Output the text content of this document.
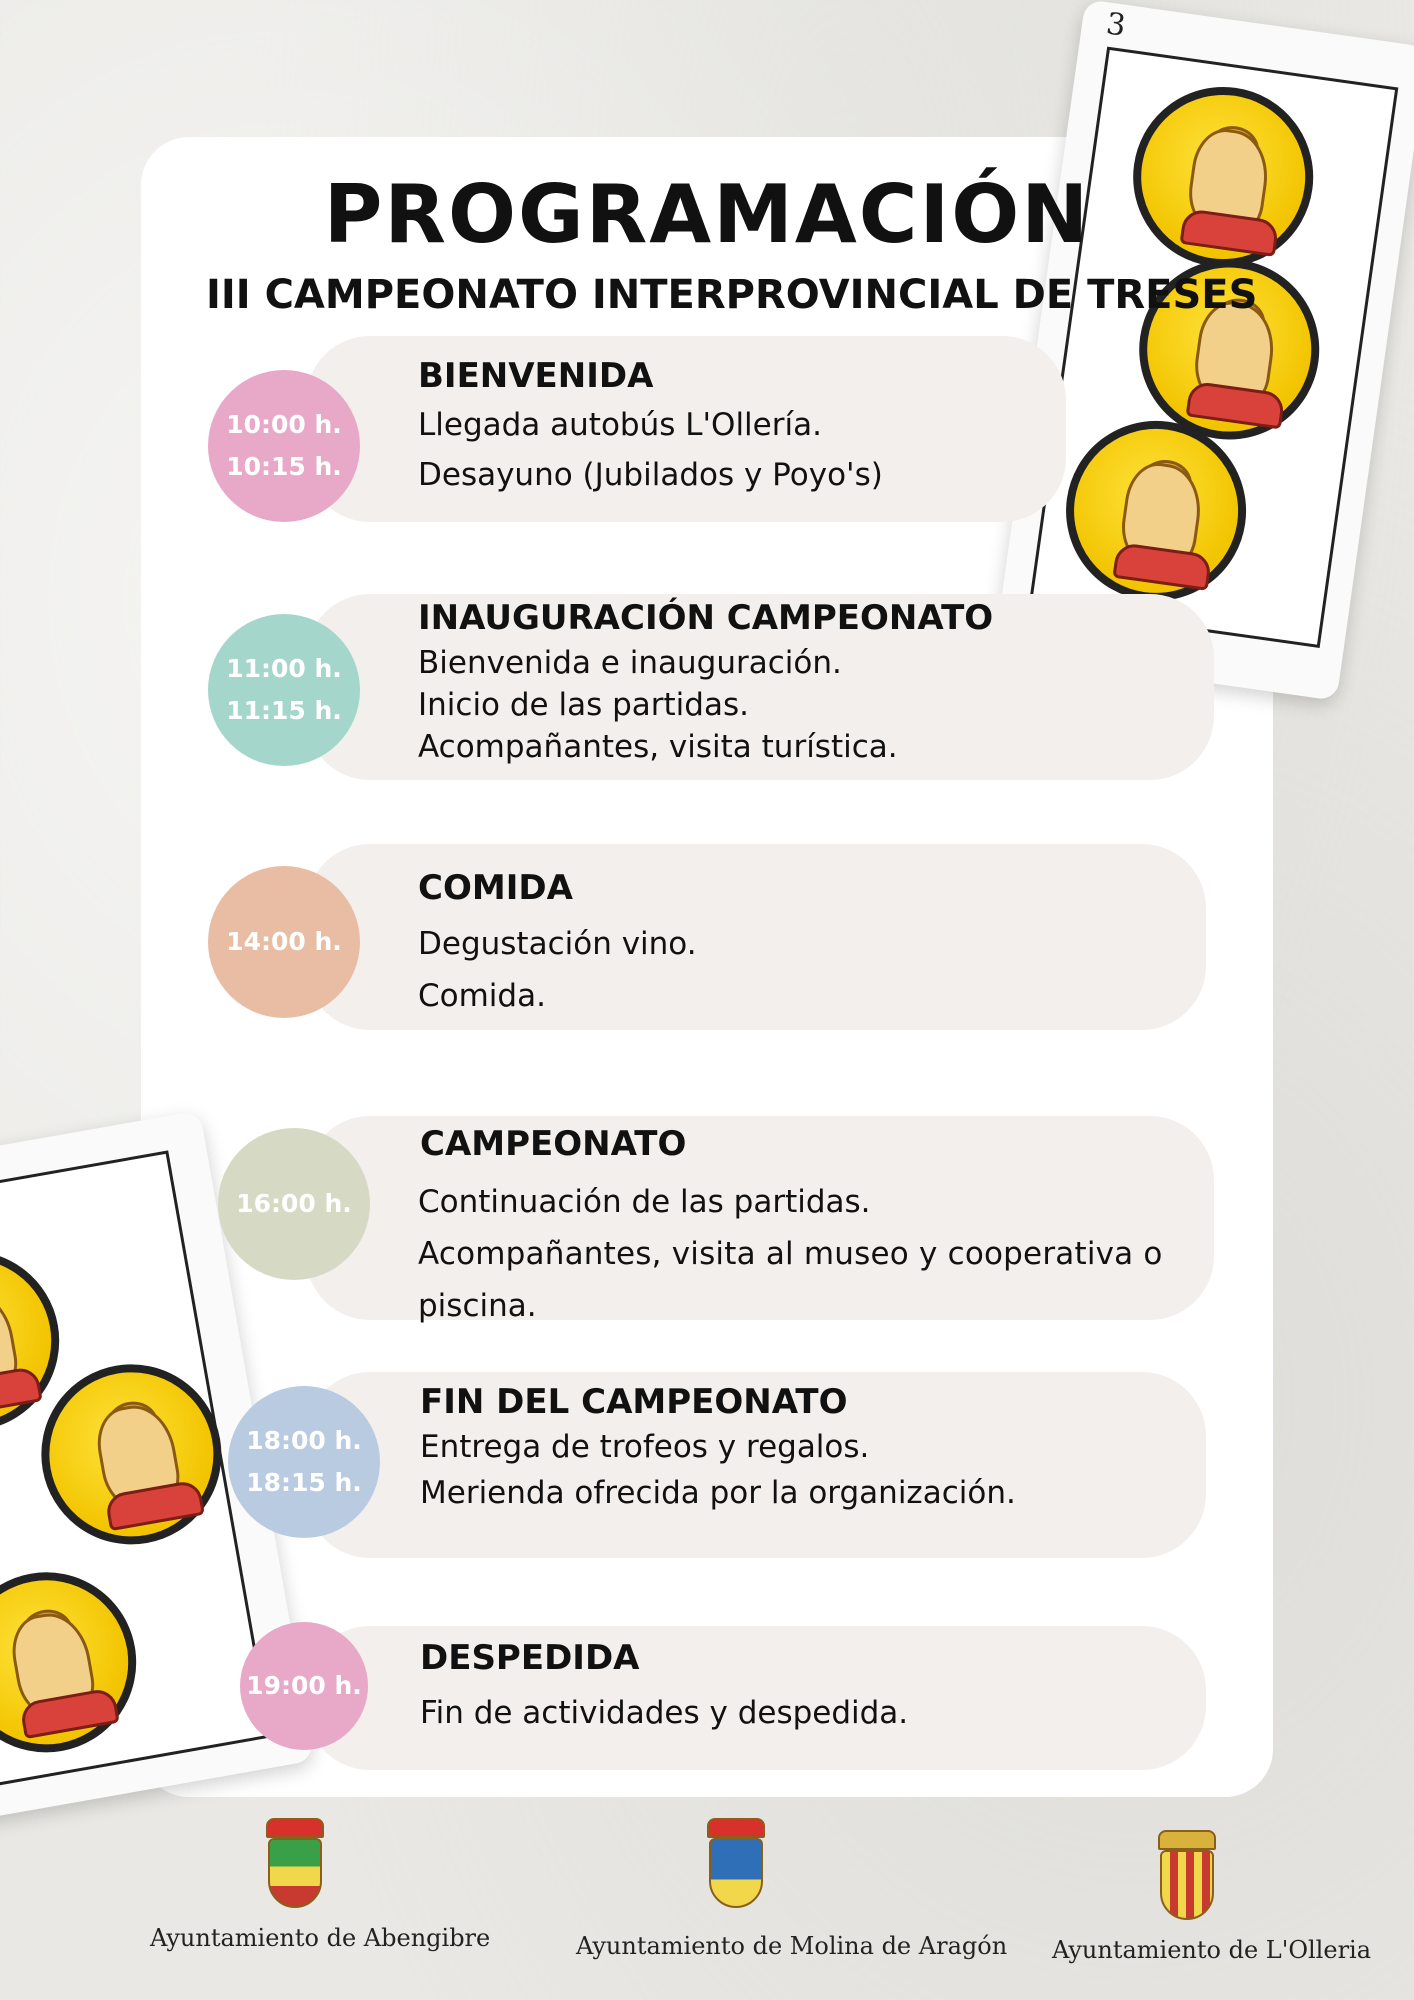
3
PROGRAMACIÓN
III CAMPEONATO INTERPROVINCIAL DE TRESES
10:00 h.
10:15 h.
BIENVENIDA
Llegada autobús L'Ollería.
Desayuno (Jubilados y Poyo's)
11:00 h.
11:15 h.
INAUGURACIÓN CAMPEONATO
Bienvenida e inauguración.
Inicio de las partidas.
Acompañantes, visita turística.
14:00 h.
COMIDA
Degustación vino.
Comida.
16:00 h.
CAMPEONATO
Continuación de las partidas.
Acompañantes, visita al museo y cooperativa o
piscina.
18:00 h.
18:15 h.
FIN DEL CAMPEONATO
Entrega de trofeos y regalos.
Merienda ofrecida por la organización.
19:00 h.
DESPEDIDA
Fin de actividades y despedida.
Ayuntamiento de Abengibre	Ayuntamiento de Molina de Aragón Ayuntamiento de L'Olleria
